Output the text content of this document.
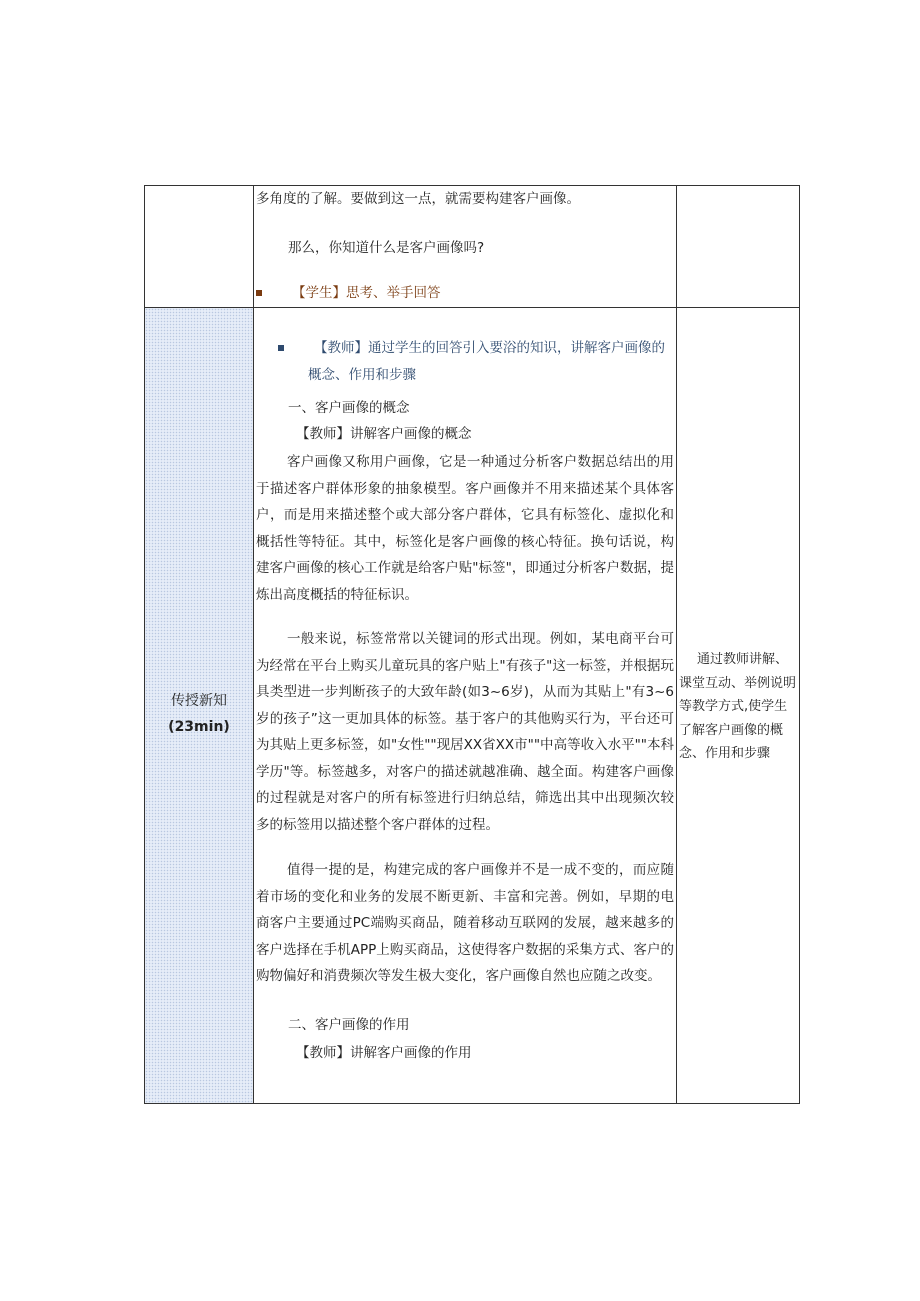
多角度的了解。要做到这一点，就需要构建客户画像。
那么，你知道什么是客户画像吗?
【学生】思考、举手回答
传授新知
(23min)
【教师】通过学生的回答引入要浴的知识，讲解客户画像的
概念、作用和步骤
一、客户画像的概念
【教师】讲解客户画像的概念
客户画像又称用户画像，它是一种通过分析客户数据总结出的用于描述客户群体形象的抽象模型。客户画像并不用来描述某个具体客户，而是用来描述整个或大部分客户群体，它具有标签化、虚拟化和概括性等特征。其中，标签化是客户画像的核心特征。换句话说，构建客户画像的核心工作就是给客户贴"标签"，即通过分析客户数据，提炼出高度概括的特征标识。
一般来说，标签常常以关键词的形式出现。例如，某电商平台可为经常在平台上购买儿童玩具的客户贴上"有孩子"这一标签，并根据玩具类型进一步判断孩子的大致年龄(如3~6岁)，从而为其贴上"有3~6岁的孩子”这一更加具体的标签。基于客户的其他购买行为，平台还可为其贴上更多标签，如"女性""现居XX省XX市""中高等收入水平""本科学历"等。标签越多，对客户的描述就越准确、越全面。构建客户画像的过程就是对客户的所有标签进行归纳总结，筛选出其中出现频次较多的标签用以描述整个客户群体的过程。
值得一提的是，构建完成的客户画像并不是一成不变的，而应随着市场的变化和业务的发展不断更新、丰富和完善。例如，早期的电商客户主要通过PC端购买商品，随着移动互联网的发展，越来越多的客户选择在手机APP上购买商品，这使得客户数据的采集方式、客户的购物偏好和消费频次等发生极大变化，客户画像自然也应随之改变。
二、客户画像的作用
【教师】讲解客户画像的作用
通过教师讲解、课堂互动、举例说明等教学方式,使学生了解客户画像的概念、作用和步骤
